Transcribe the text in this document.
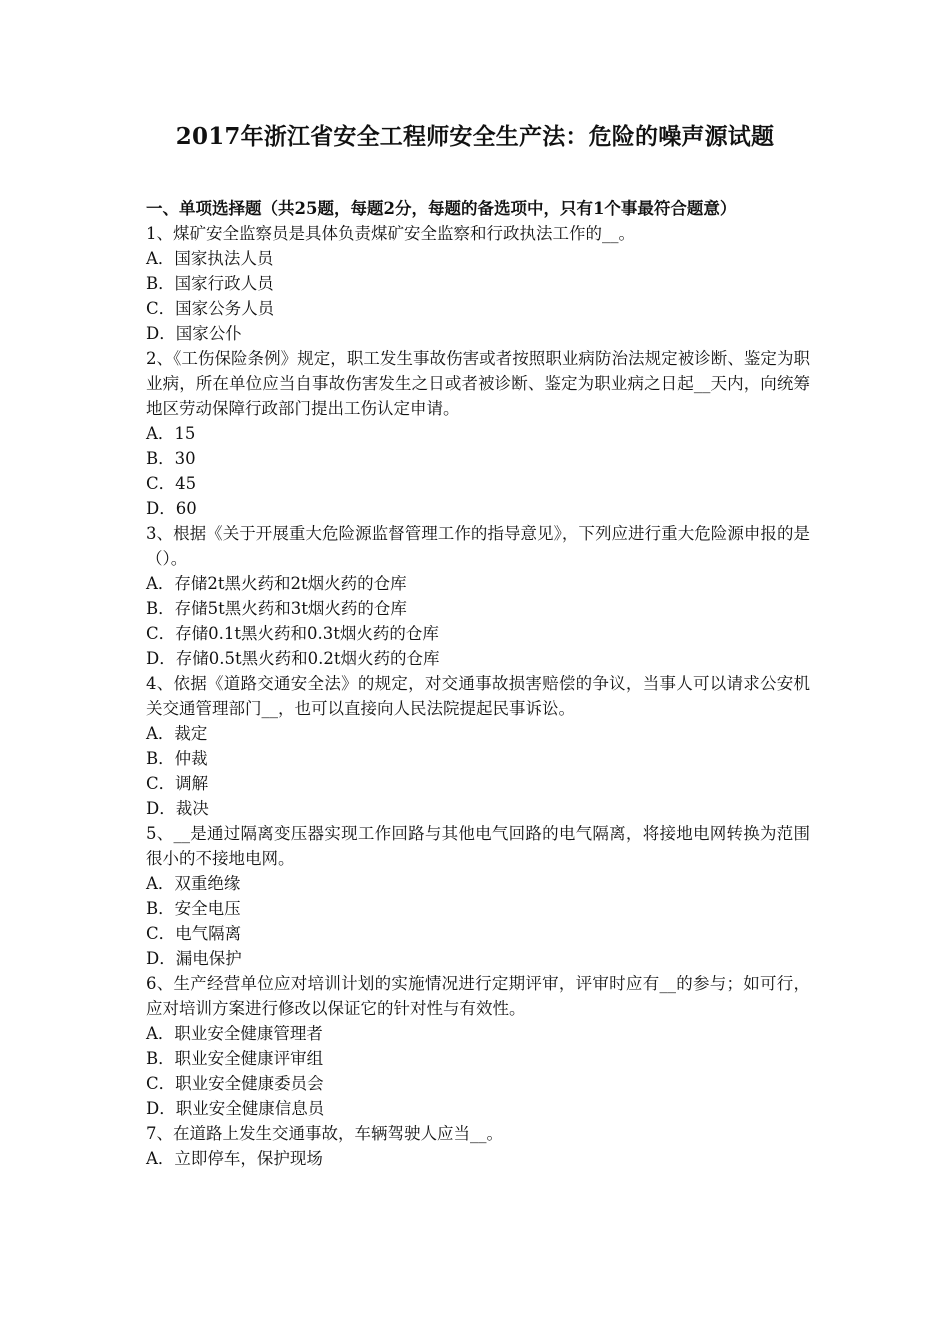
2017年浙江省安全工程师安全生产法：危险的噪声源试题

一、单项选择题（共25题，每题2分，每题的备选项中，只有1个事最符合题意）

1、煤矿安全监察员是具体负责煤矿安全监察和行政执法工作的__。

A．国家执法人员

B．国家行政人员

C．国家公务人员

D．国家公仆

2、《工伤保险条例》规定，职工发生事故伤害或者按照职业病防治法规定被诊断、鉴定为职业病，所在单位应当自事故伤害发生之日或者被诊断、鉴定为职业病之日起__天内，向统筹地区劳动保障行政部门提出工伤认定申请。

A．15

B．30

C．45

D．60

3、根据《关于开展重大危险源监督管理工作的指导意见》，下列应进行重大危险源申报的是（）。

A．存储2t黑火药和2t烟火药的仓库

B．存储5t黑火药和3t烟火药的仓库

C．存储0.1t黑火药和0.3t烟火药的仓库

D．存储0.5t黑火药和0.2t烟火药的仓库

4、依据《道路交通安全法》的规定，对交通事故损害赔偿的争议，当事人可以请求公安机关交通管理部门__，也可以直接向人民法院提起民事诉讼。

A．裁定

B．仲裁

C．调解

D．裁决

5、__是通过隔离变压器实现工作回路与其他电气回路的电气隔离，将接地电网转换为范围很小的不接地电网。

A．双重绝缘

B．安全电压

C．电气隔离

D．漏电保护

6、生产经营单位应对培训计划的实施情况进行定期评审，评审时应有__的参与；如可行，应对培训方案进行修改以保证它的针对性与有效性。

A．职业安全健康管理者

B．职业安全健康评审组

C．职业安全健康委员会

D．职业安全健康信息员

7、在道路上发生交通事故，车辆驾驶人应当__。

A．立即停车，保护现场
